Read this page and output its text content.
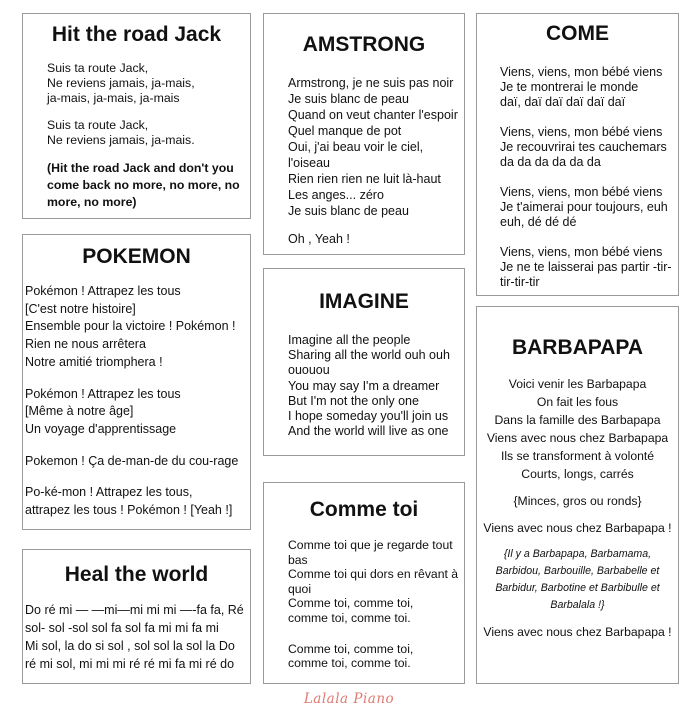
Hit the road Jack
Suis ta route Jack,
Ne reviens jamais, ja-mais,
ja-mais, ja-mais, ja-mais
Suis ta route Jack,
Ne reviens jamais, ja-mais.
(Hit the road Jack and don't you come back no more, no more, no more, no more)
POKEMON
Pokémon ! Attrapez les tous
[C'est notre histoire]
Ensemble pour la victoire ! Pokémon !
Rien ne nous arrêtera
Notre amitié triomphera !
Pokémon ! Attrapez les tous
[Même à notre âge]
Un voyage d'apprentissage
Pokemon ! Ça de-man-de du cou-rage
Po-ké-mon ! Attrapez les tous,
attrapez les tous ! Pokémon ! [Yeah !]
Heal the world
Do ré mi — —mi—mi mi mi —-fa fa, Ré
sol- sol -sol sol fa sol fa mi mi fa mi
Mi sol, la do si sol , sol sol la sol la Do
ré mi sol, mi mi mi ré ré mi fa mi ré do
AMSTRONG
Armstrong, je ne suis pas noir
Je suis blanc de peau
Quand on veut chanter l'espoir
Quel manque de pot
Oui, j'ai beau voir le ciel,
l'oiseau
Rien rien rien ne luit là-haut
Les anges... zéro
Je suis blanc de peau
Oh , Yeah !
IMAGINE
Imagine all the people
Sharing all the world ouh ouh
ououou
You may say I'm a dreamer
But I'm not the only one
I hope someday you'll join us
And the world will live as one
Comme toi
Comme toi que je regarde tout
bas
Comme toi qui dors en rêvant à
quoi
Comme toi, comme toi,
comme toi, comme toi.
Comme toi, comme toi,
comme toi, comme toi.
COME
Viens, viens, mon bébé viens
Je te montrerai le monde
daï, daï daï daï daï daï
Viens, viens, mon bébé viens
Je recouvrirai tes cauchemars
da da da da da da
Viens, viens, mon bébé viens
Je t'aimerai pour toujours, euh
euh, dé dé dé
Viens, viens, mon bébé viens
Je ne te laisserai pas partir -tir-
tir-tir-tir
BARBAPAPA
Voici venir les Barbapapa
On fait les fous
Dans la famille des Barbapapa
Viens avec nous chez Barbapapa
Ils se transforment à volonté
Courts, longs, carrés
{Minces, gros ou ronds}
Viens avec nous chez Barbapapa !
{Il y a Barbapapa, Barbamama, Barbidou, Barbouille, Barbabelle et Barbidur, Barbotine et Barbibulle et Barbalala !}
Viens avec nous chez Barbapapa !
Lalala Piano
